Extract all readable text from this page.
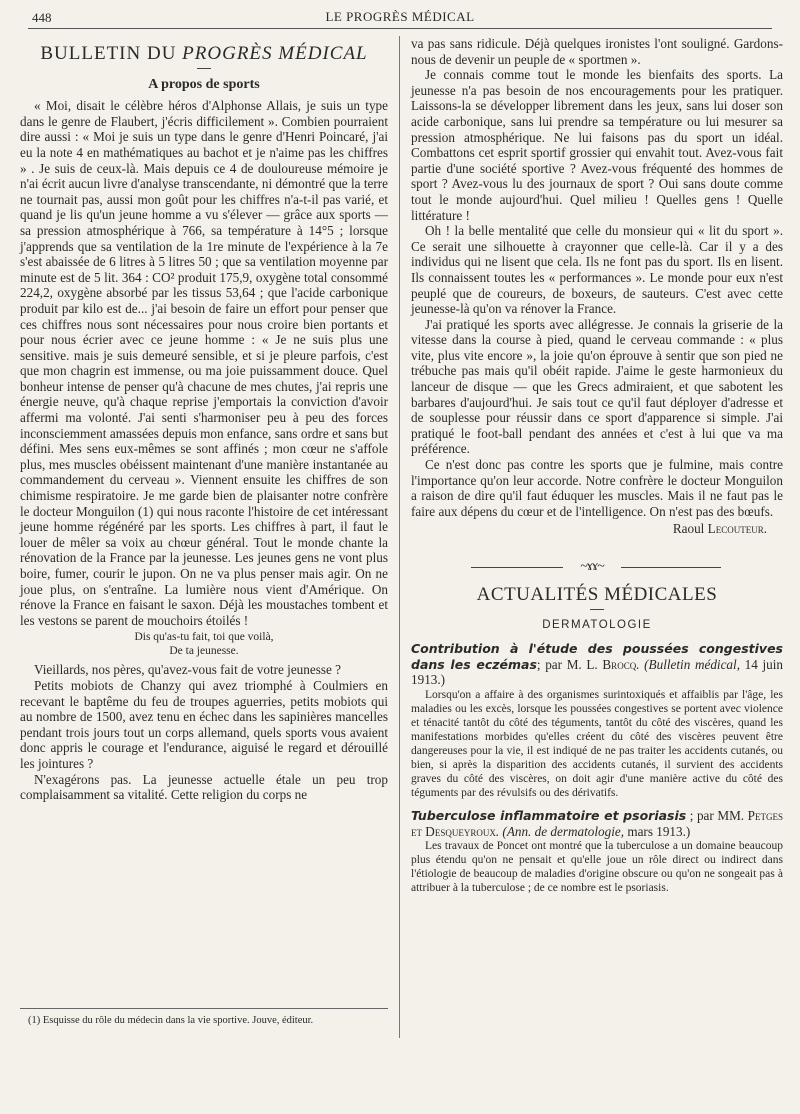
448	LE PROGRÈS MÉDICAL
BULLETIN DU PROGRÈS MÉDICAL
A propos de sports

« Moi, disait le célèbre héros d'Alphonse Allais, je suis un type dans le genre de Flaubert, j'écris difficilement ». Combien pourraient dire aussi : « Moi je suis un type dans le genre d'Henri Poincaré, j'ai eu la note 4 en mathématiques au bachot et je n'aime pas les chiffres » . Je suis de ceux-là. Mais depuis ce 4 de douloureuse mémoire je n'ai écrit aucun livre d'analyse transcendante, ni démontré que la terre ne tournait pas, aussi mon goût pour les chiffres n'a-t-il pas varié, et quand je lis qu'un jeune homme a vu s'élever — grâce aux sports — sa pression atmosphérique à 766, sa température à 14°5 ; lorsque j'apprends que sa ventilation de la 1re minute de l'expérience à la 7e s'est abaissée de 6 litres à 5 litres 50 ; que sa ventilation moyenne par minute est de 5 lit. 364 : CO² produit 175,9, oxygène total consommé 224,2, oxygène absorbé par les tissus 53,64 ; que l'acide carbonique produit par kilo est de... j'ai besoin de faire un effort pour penser que ces chiffres nous sont nécessaires pour nous croire bien portants et pour nous écrier avec ce jeune homme : « Je ne suis plus une sensitive. mais je suis demeuré sensible, et si je pleure parfois, c'est que mon chagrin est immense, ou ma joie puissamment douce. Quel bonheur intense de penser qu'à chacune de mes chutes, j'ai repris une énergie neuve, qu'à chaque reprise j'emportais la conviction d'avoir affermi ma volonté. J'ai senti s'harmoniser peu à peu des forces inconsciemment amassées depuis mon enfance, sans ordre et sans but défini. Mes sens eux-mêmes se sont affinés ; mon cœur ne s'affole plus, mes muscles obéissent maintenant d'une manière instantanée au commandement du cerveau ». Viennent ensuite les chiffres de son chimisme respiratoire. Je me garde bien de plaisanter notre confrère le docteur Monguilon (1) qui nous raconte l'histoire de cet intéressant jeune homme régénéré par les sports. Les chiffres à part, il faut le louer de mêler sa voix au chœur général. Tout le monde chante la rénovation de la France par la jeunesse. Les jeunes gens ne vont plus boire, fumer, courir le jupon. On ne va plus penser mais agir. On ne joue plus, on s'entraîne. La lumière nous vient d'Amérique. On rénove la France en faisant le saxon. Déjà les moustaches tombent et les vestons se parent de mouchoirs étoilés !

Dis qu'as-tu fait, toi que voilà,
De ta jeunesse.

Vieillards, nos pères, qu'avez-vous fait de votre jeunesse ?

Petits mobiots de Chanzy qui avez triomphé à Coulmiers en recevant le baptême du feu de troupes aguerries, petits mobiots qui au nombre de 1500, avez tenu en échec dans les sapinières mancelles pendant trois jours tout un corps allemand, quels sports vous avaient donc appris le courage et l'endurance, aiguisé le regard et dérouillé les jointures ?

N'exagérons pas. La jeunesse actuelle étale un peu trop complaisamment sa vitalité. Cette religion du corps ne

(1) Esquisse du rôle du médecin dans la vie sportive. Jouve, éditeur.

va pas sans ridicule. Déjà quelques ironistes l'ont souligné. Gardons-nous de devenir un peuple de « sportmen ».

Je connais comme tout le monde les bienfaits des sports. La jeunesse n'a pas besoin de nos encouragements pour les pratiquer. Laissons-la se développer librement dans les jeux, sans lui doser son acide carbonique, sans lui prendre sa température ou lui mesurer sa pression atmosphérique. Ne lui faisons pas du sport un idéal. Combattons cet esprit sportif grossier qui envahit tout. Avez-vous fait partie d'une société sportive ? Avez-vous fréquenté des hommes de sport ? Avez-vous lu des journaux de sport ? Oui sans doute comme tout le monde aujourd'hui. Quel milieu ! Quelles gens ! Quelle littérature !

Oh ! la belle mentalité que celle du monsieur qui « lit du sport ». Ce serait une silhouette à crayonner que celle-là. Car il y a des individus qui ne lisent que cela. Ils ne font pas du sport. Ils en lisent. Ils connaissent toutes les « performances ». Le monde pour eux n'est peuplé que de coureurs, de boxeurs, de sauteurs. C'est avec cette jeunesse-là qu'on va rénover la France.

J'ai pratiqué les sports avec allégresse. Je connais la griserie de la vitesse dans la course à pied, quand le cerveau commande : « plus vite, plus vite encore », la joie qu'on éprouve à sentir que son pied ne trébuche pas mais qu'il obéit rapide. J'aime le geste harmonieux du lanceur de disque — que les Grecs admiraient, et que sabotent les barbares d'aujourd'hui. Je sais tout ce qu'il faut déployer d'adresse et de souplesse pour réussir dans ce sport d'apparence si simple. J'ai pratiqué le foot-ball pendant des années et c'est à lui que va ma préférence.

Ce n'est donc pas contre les sports que je fulmine, mais contre l'importance qu'on leur accorde. Notre confrère le docteur Monguilon a raison de dire qu'il faut éduquer les muscles. Mais il ne faut pas le faire aux dépens du cœur et de l'intelligence. On n'est pas des bœufs.

Raoul Lecouteur.
~ɤɤ~
ACTUALITÉS MÉDICALES
DERMATOLOGIE

Contribution à l'étude des poussées congestives dans les eczémas; par M. L. Brocq. (Bulletin médical, 14 juin 1913.)

Lorsqu'on a affaire à des organismes surintoxiqués et affaiblis par l'âge, les maladies ou les excès, lorsque les poussées congestives se portent avec violence et ténacité tantôt du côté des téguments, tantôt du côté des viscères, quand les manifestations morbides qu'elles créent du côté des viscères peuvent être dangereuses pour la vie, il est indiqué de ne pas traiter les accidents cutanés, ou bien, si après la disparition des accidents cutanés, il survient des accidents graves du côté des viscères, on doit agir d'une manière active du côté des téguments par des révulsifs ou des dérivatifs.

Tuberculose inflammatoire et psoriasis ; par MM. Petges et Desqueyroux. (Ann. de dermatologie, mars 1913.)

Les travaux de Poncet ont montré que la tuberculose a un domaine beaucoup plus étendu qu'on ne pensait et qu'elle joue un rôle direct ou indirect dans l'étiologie de beaucoup de maladies d'origine obscure ou qu'on ne songeait pas à attribuer à la tuberculose ; de ce nombre est le psoriasis.
